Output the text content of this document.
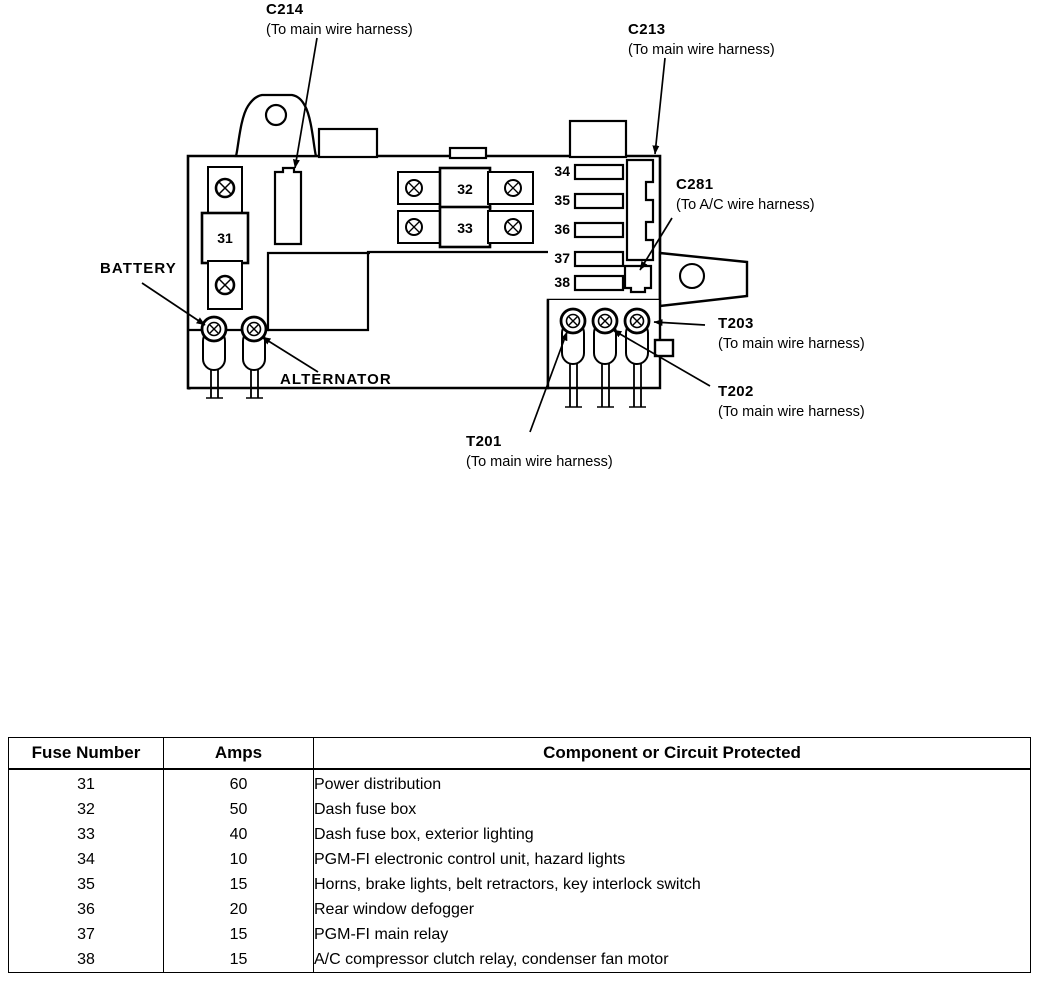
31
32
33
34
35
36
37
38
C214
(To main wire harness)	C213
(To main wire harness)
C281
(To A/C wire harness)
T203
(To main wire harness)
T202
(To main wire harness)
T201
(To main wire harness)
BATTERY
ALTERNATOR
Fuse Number	Amps	Component or Circuit Protected
31	60	Power distribution
32	50	Dash fuse box
33	40	Dash fuse box, exterior lighting
34	10	PGM-FI electronic control unit, hazard lights
35	15	Horns, brake lights, belt retractors, key interlock switch
36	20	Rear window defogger
37	15	PGM-FI main relay
38	15	A/C compressor clutch relay, condenser fan motor
